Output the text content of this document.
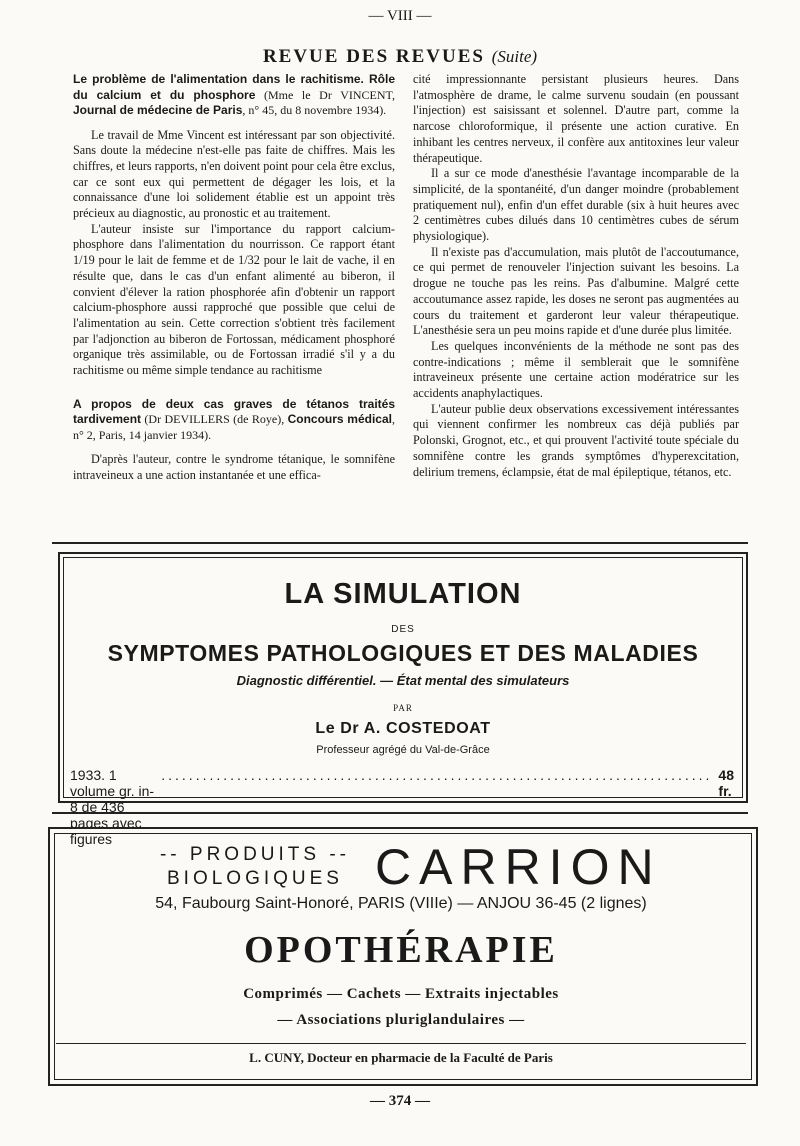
— VIII —
REVUE DES REVUES (Suite)

Le problème de l'alimentation dans le rachitisme. Rôle du calcium et du phosphore (Mme le Dr VINCENT, Journal de médecine de Paris, n° 45, du 8 novembre 1934).

Le travail de Mme Vincent est intéressant par son objectivité. Sans doute la médecine n'est-elle pas faite de chiffres. Mais les chiffres, et leurs rapports, n'en doivent point pour cela être exclus, car ce sont eux qui permettent de dégager les lois, et la connaissance d'une loi solidement établie est un appoint très précieux au diagnostic, au pronostic et au traitement.

L'auteur insiste sur l'importance du rapport calcium-phosphore dans l'alimentation du nourrisson. Ce rapport étant 1/19 pour le lait de femme et de 1/32 pour le lait de vache, il en résulte que, dans le cas d'un enfant alimenté au biberon, il convient d'élever la ration phosphorée afin d'obtenir un rapport calcium-phosphore aussi rapproché que possible que celui de l'alimentation au sein. Cette correction s'obtient très facilement par l'adjonction au biberon de Fortossan, médicament phosphoré organique très assimilable, ou de Fortossan irradié s'il y a du rachitisme ou même simple tendance au rachitisme

A propos de deux cas graves de tétanos traités tardivement (Dr DEVILLERS (de Roye), Concours médical, n° 2, Paris, 14 janvier 1934).

D'après l'auteur, contre le syndrome tétanique, le somnifène intraveineux a une action instantanée et une effica-

cité impressionnante persistant plusieurs heures. Dans l'atmosphère de drame, le calme survenu soudain (en poussant l'injection) est saisissant et solennel. D'autre part, comme la narcose chloroformique, il présente une action curative. En inhibant les centres nerveux, il confère aux antitoxines leur valeur thérapeutique.

Il a sur ce mode d'anesthésie l'avantage incomparable de la simplicité, de la spontanéité, d'un danger moindre (probablement pratiquement nul), enfin d'un effet durable (six à huit heures avec 2 centimètres cubes dilués dans 10 centimètres cubes de sérum physiologique).

Il n'existe pas d'accumulation, mais plutôt de l'accoutumance, ce qui permet de renouveler l'injection suivant les besoins. La drogue ne touche pas les reins. Pas d'albumine. Malgré cette accoutumance assez rapide, les doses ne seront pas augmentées au cours du traitement et garderont leur valeur thérapeutique. L'anesthésie sera un peu moins rapide et d'une durée plus limitée.

Les quelques inconvénients de la méthode ne sont pas des contre-indications ; même il semblerait que le somnifène intraveineux présente une certaine action modératrice sur les accidents anaphylactiques.

L'auteur publie deux observations excessivement intéressantes qui viennent confirmer les nombreux cas déjà publiés par Polonski, Grognot, etc., et qui prouvent l'activité toute spéciale du somnifène contre les grands symptômes d'hyperexcitation, delirium tremens, éclampsie, état de mal épileptique, tétanos, etc.

LA SIMULATION
DES
SYMPTOMES PATHOLOGIQUES ET DES MALADIES
Diagnostic différentiel. — État mental des simulateurs
PAR
Le Dr A. COSTEDOAT
Professeur agrégé du Val-de-Grâce
1933. 1 volume gr. in-8 de 436 pages avec figures
................................................................................ 48 fr.
-- PRODUITS --
BIOLOGIQUES CARRION
54, Faubourg Saint-Honoré, PARIS (VIIIe) — ANJOU 36-45 (2 lignes)
OPOTHÉRAPIE
Comprimés — Cachets — Extraits injectables
— Associations pluriglandulaires —
L. CUNY, Docteur en pharmacie de la Faculté de Paris
— 374 —
